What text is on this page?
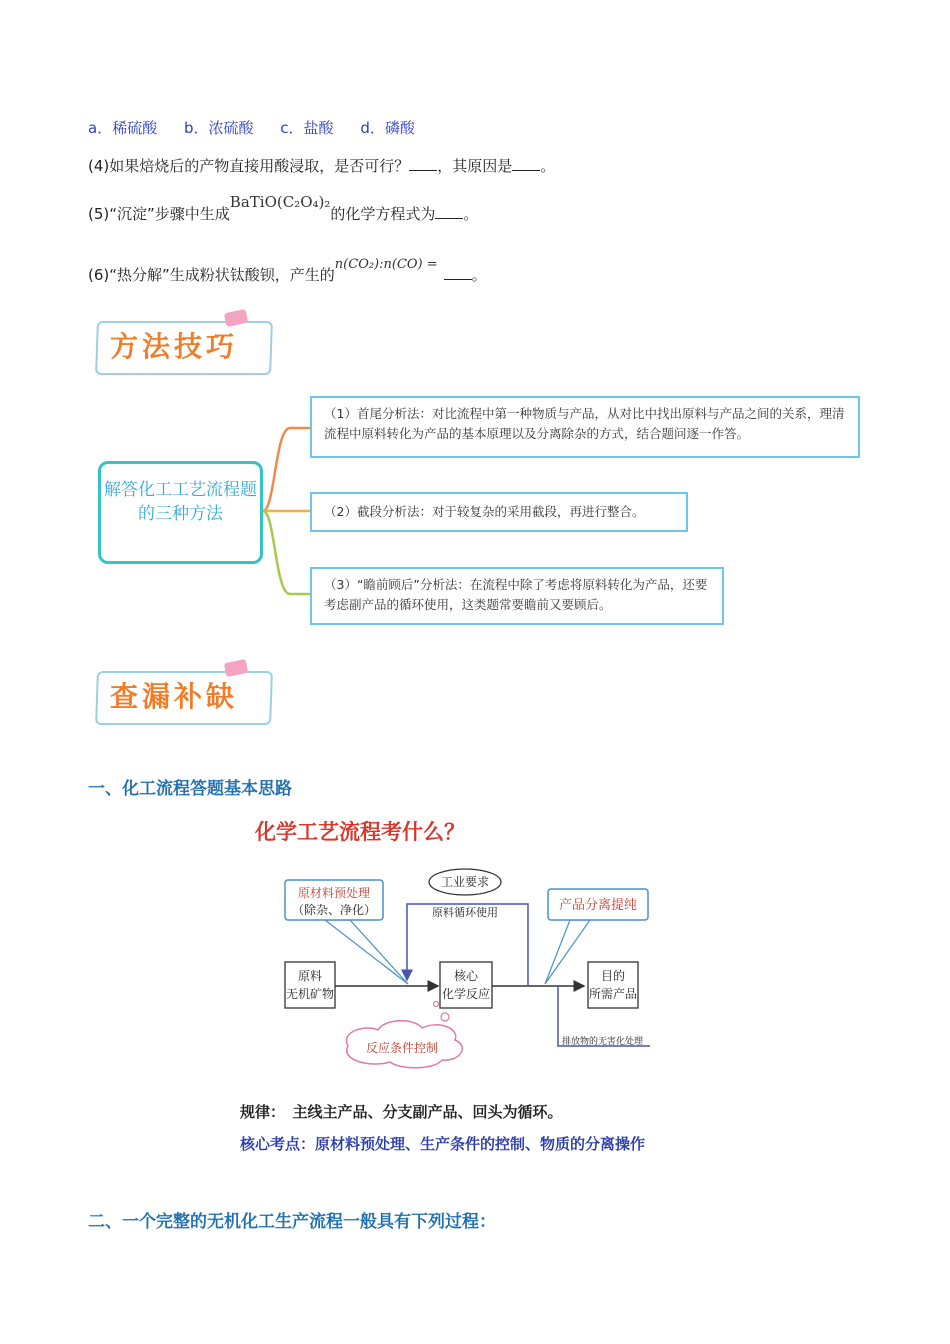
a．稀硫酸 b．浓硫酸 c．盐酸 d．磷酸
(4)如果焙烧后的产物直接用酸浸取，是否可行？ ，其原因是 。
(5)“沉淀”步骤中生成BaTiO(C₂O₄)₂的化学方程式为 。
(6)“热分解”生成粉状钛酸钡，产生的n(CO₂):n(CO) =。
方法技巧
解答化工工艺流程题的三种方法
（1）首尾分析法：对比流程中第一种物质与产品，从对比中找出原料与产品之间的关系，理清流程中原料转化为产品的基本原理以及分离除杂的方式，结合题问逐一作答。
（2）截段分析法：对于较复杂的采用截段，再进行整合。
（3）“瞻前顾后”分析法：在流程中除了考虑将原料转化为产品，还要考虑副产品的循环使用，这类题常要瞻前又要顾后。
查漏补缺
一、化工流程答题基本思路
化学工艺流程考什么？
原材料预处理
（除杂、净化）	产品分离提纯
工业要求
原料循环使用
原料
无机矿物
核心
化学反应
目的
所需产品
反应条件控制	排放物的无害化处理
规律：　主线主产品、分支副产品、回头为循环。
核心考点：原材料预处理、生产条件的控制、物质的分离操作
二、一个完整的无机化工生产流程一般具有下列过程：
